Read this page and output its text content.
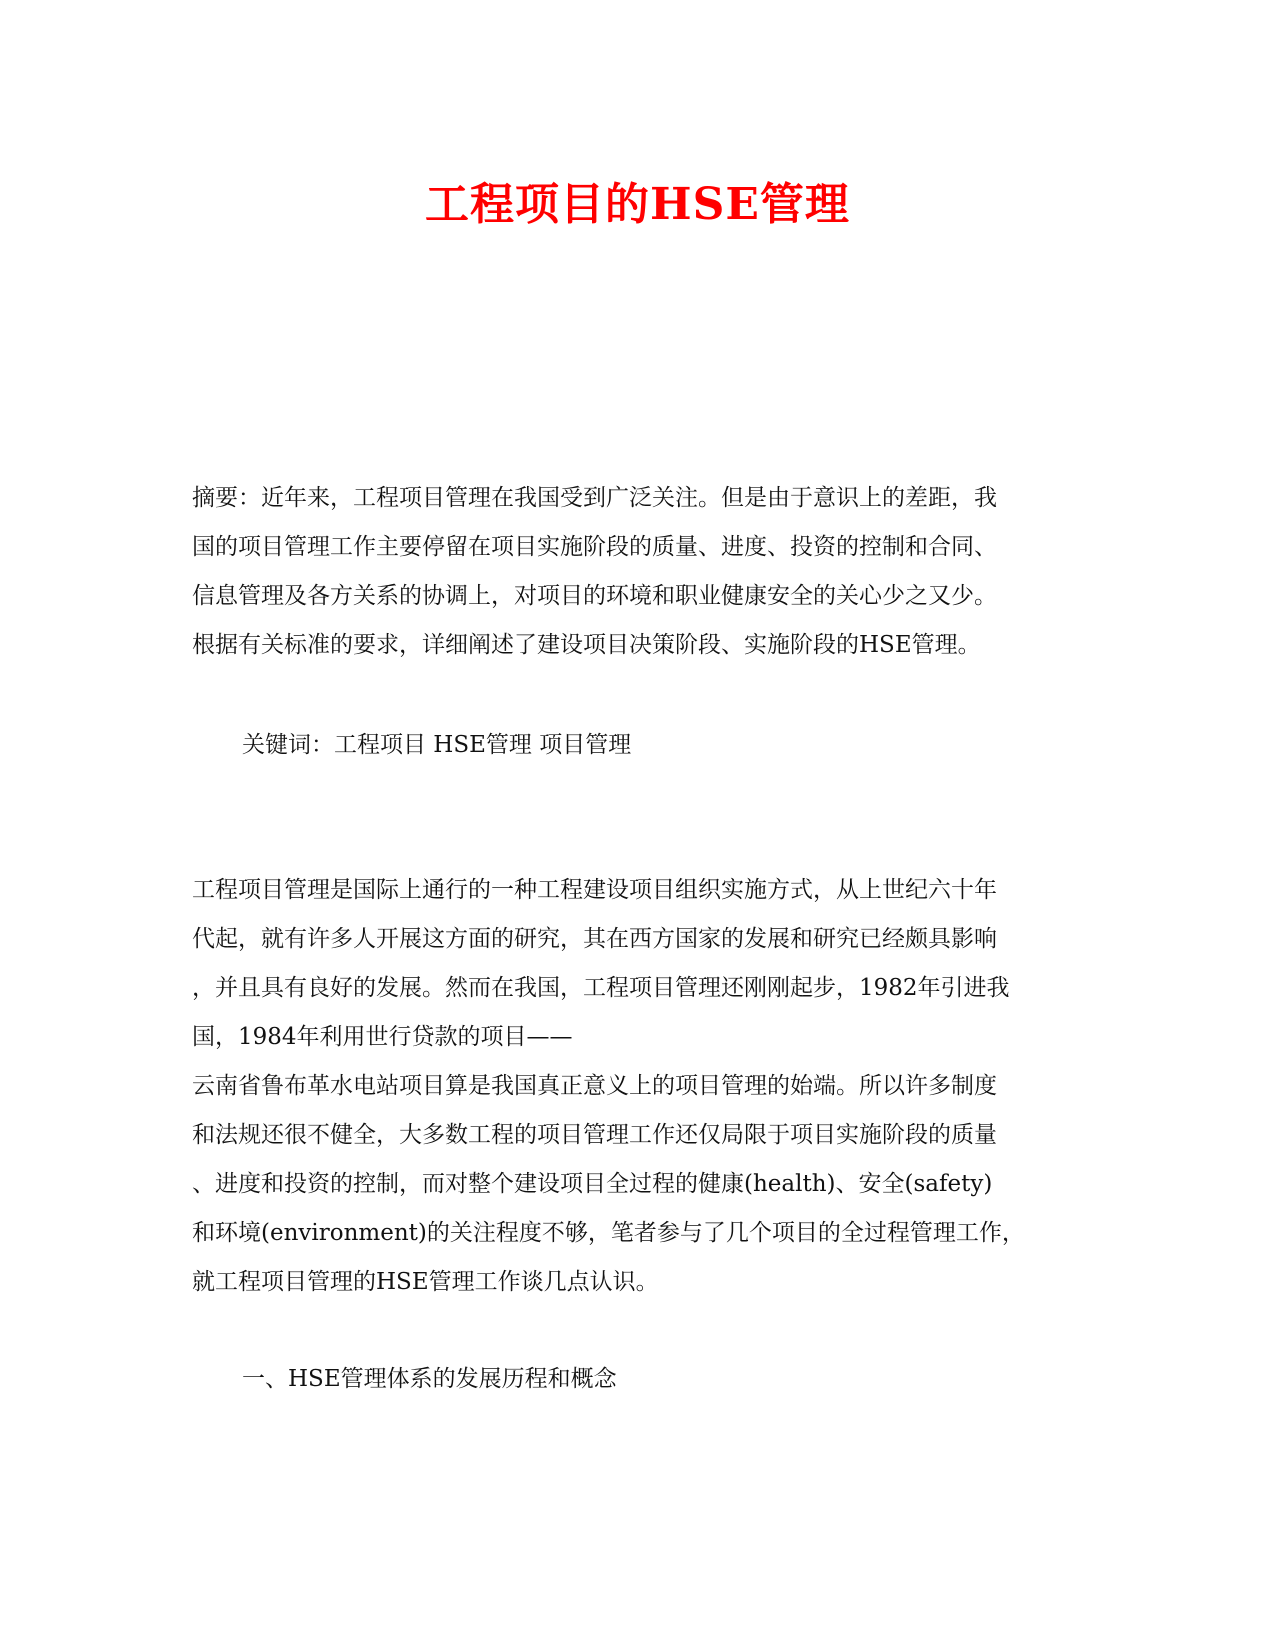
工程项目的HSE管理
摘要：近年来，工程项目管理在我国受到广泛关注。但是由于意识上的差距，我
国的项目管理工作主要停留在项目实施阶段的质量、进度、投资的控制和合同、
信息管理及各方关系的协调上，对项目的环境和职业健康安全的关心少之又少。
根据有关标准的要求，详细阐述了建设项目决策阶段、实施阶段的HSE管理。
关键词：工程项目 HSE管理 项目管理
工程项目管理是国际上通行的一种工程建设项目组织实施方式，从上世纪六十年
代起，就有许多人开展这方面的研究，其在西方国家的发展和研究已经颇具影响
，并且具有良好的发展。然而在我国，工程项目管理还刚刚起步，1982年引进我
国，1984年利用世行贷款的项目——
云南省鲁布革水电站项目算是我国真正意义上的项目管理的始端。所以许多制度
和法规还很不健全，大多数工程的项目管理工作还仅局限于项目实施阶段的质量
、进度和投资的控制，而对整个建设项目全过程的健康(health)、安全(safety)
和环境(environment)的关注程度不够，笔者参与了几个项目的全过程管理工作，
就工程项目管理的HSE管理工作谈几点认识。
一、HSE管理体系的发展历程和概念
